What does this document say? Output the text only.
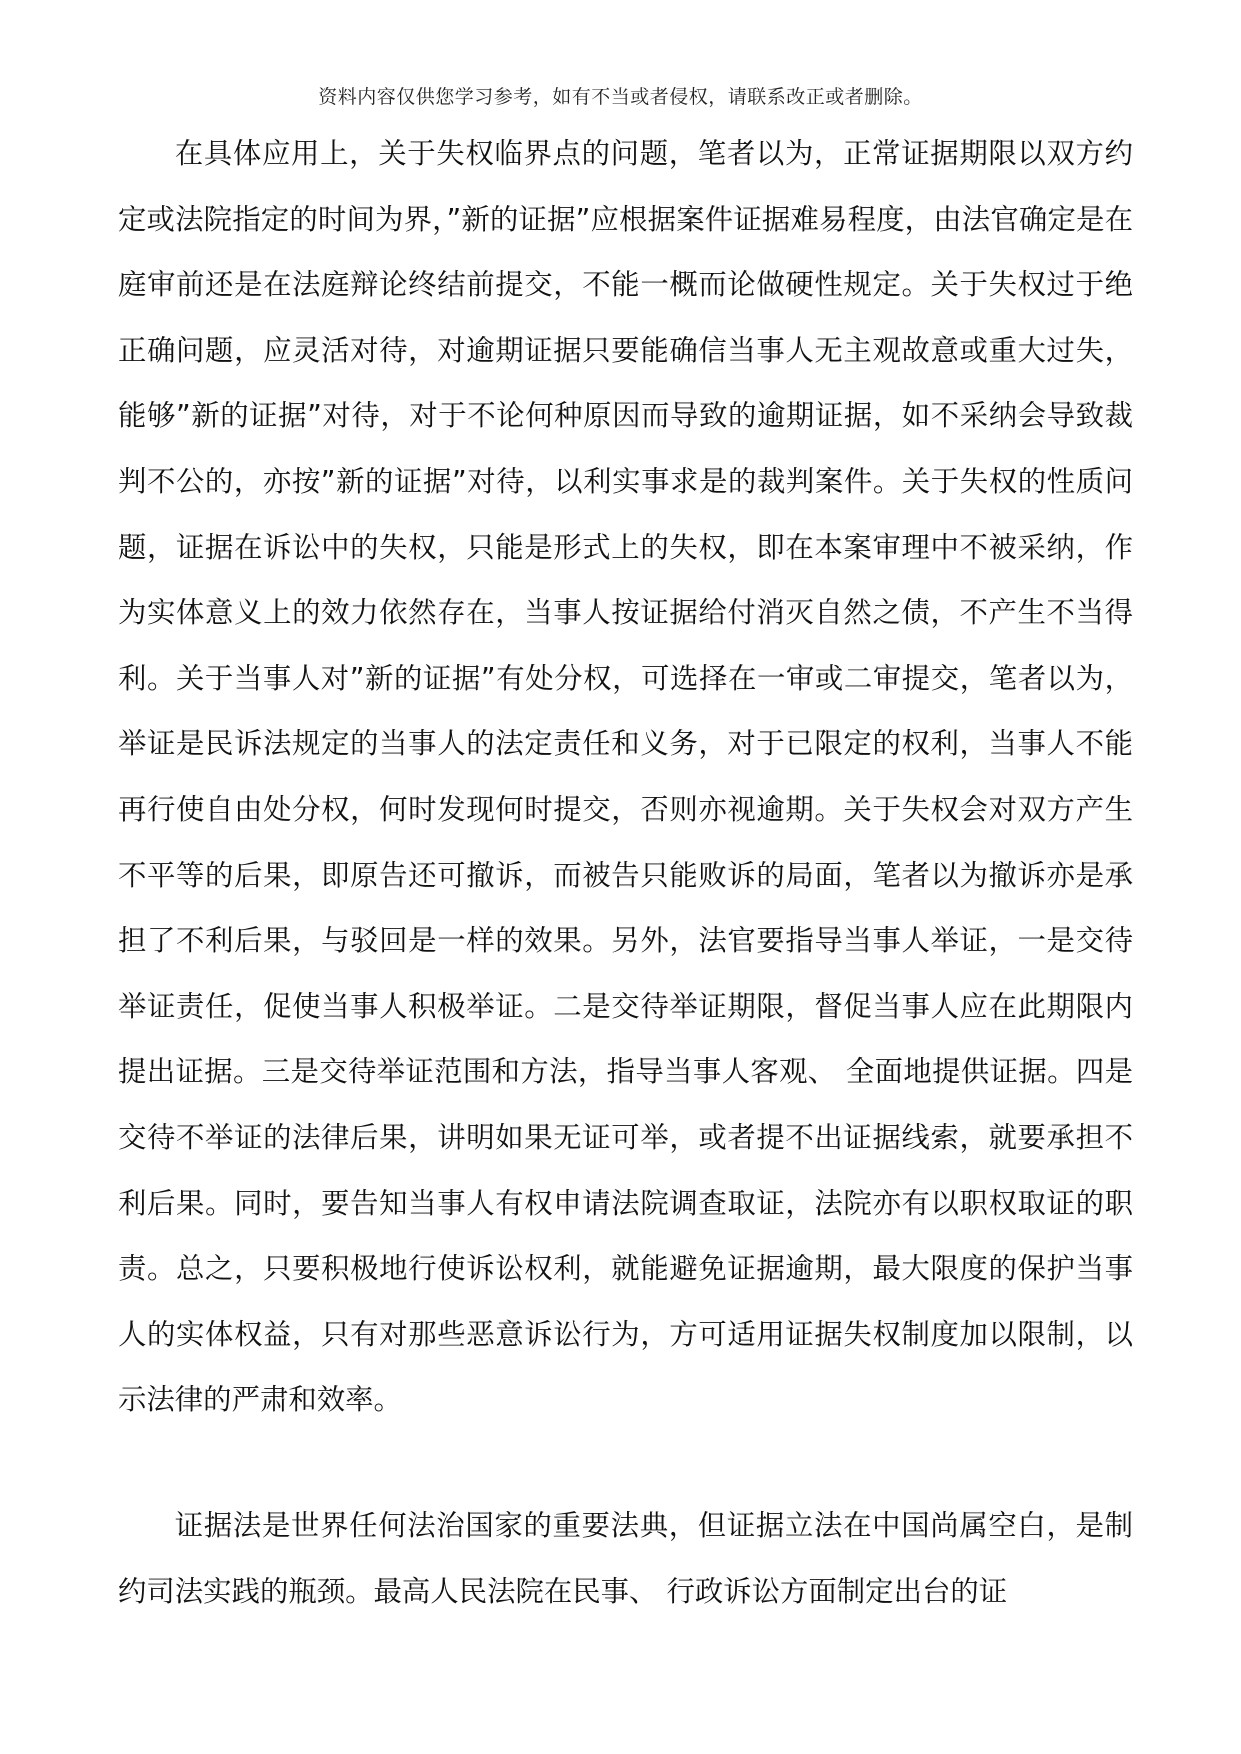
资料内容仅供您学习参考，如有不当或者侵权，请联系改正或者删除。

在具体应用上，关于失权临界点的问题，笔者以为，正常证据期限以双方约定或法院指定的时间为界，”新的证据”应根据案件证据难易程度，由法官确定是在庭审前还是在法庭辩论终结前提交，不能一概而论做硬性规定。关于失权过于绝正确问题，应灵活对待，对逾期证据只要能确信当事人无主观故意或重大过失，能够”新的证据”对待，对于不论何种原因而导致的逾期证据，如不采纳会导致裁判不公的，亦按”新的证据”对待，以利实事求是的裁判案件。关于失权的性质问题，证据在诉讼中的失权，只能是形式上的失权，即在本案审理中不被采纳，作为实体意义上的效力依然存在，当事人按证据给付消灭自然之债，不产生不当得利。关于当事人对”新的证据”有处分权，可选择在一审或二审提交，笔者以为，举证是民诉法规定的当事人的法定责任和义务，对于已限定的权利，当事人不能再行使自由处分权，何时发现何时提交，否则亦视逾期。关于失权会对双方产生不平等的后果，即原告还可撤诉，而被告只能败诉的局面，笔者以为撤诉亦是承担了不利后果，与驳回是一样的效果。另外，法官要指导当事人举证，一是交待举证责任，促使当事人积极举证。二是交待举证期限，督促当事人应在此期限内提出证据。三是交待举证范围和方法，指导当事人客观、 全面地提供证据。四是交待不举证的法律后果，讲明如果无证可举，或者提不出证据线索，就要承担不利后果。同时，要告知当事人有权申请法院调查取证，法院亦有以职权取证的职责。总之，只要积极地行使诉讼权利，就能避免证据逾期，最大限度的保护当事人的实体权益，只有对那些恶意诉讼行为，方可适用证据失权制度加以限制，以示法律的严肃和效率。

证据法是世界任何法治国家的重要法典，但证据立法在中国尚属空白，是制约司法实践的瓶颈。最高人民法院在民事、 行政诉讼方面制定出台的证
